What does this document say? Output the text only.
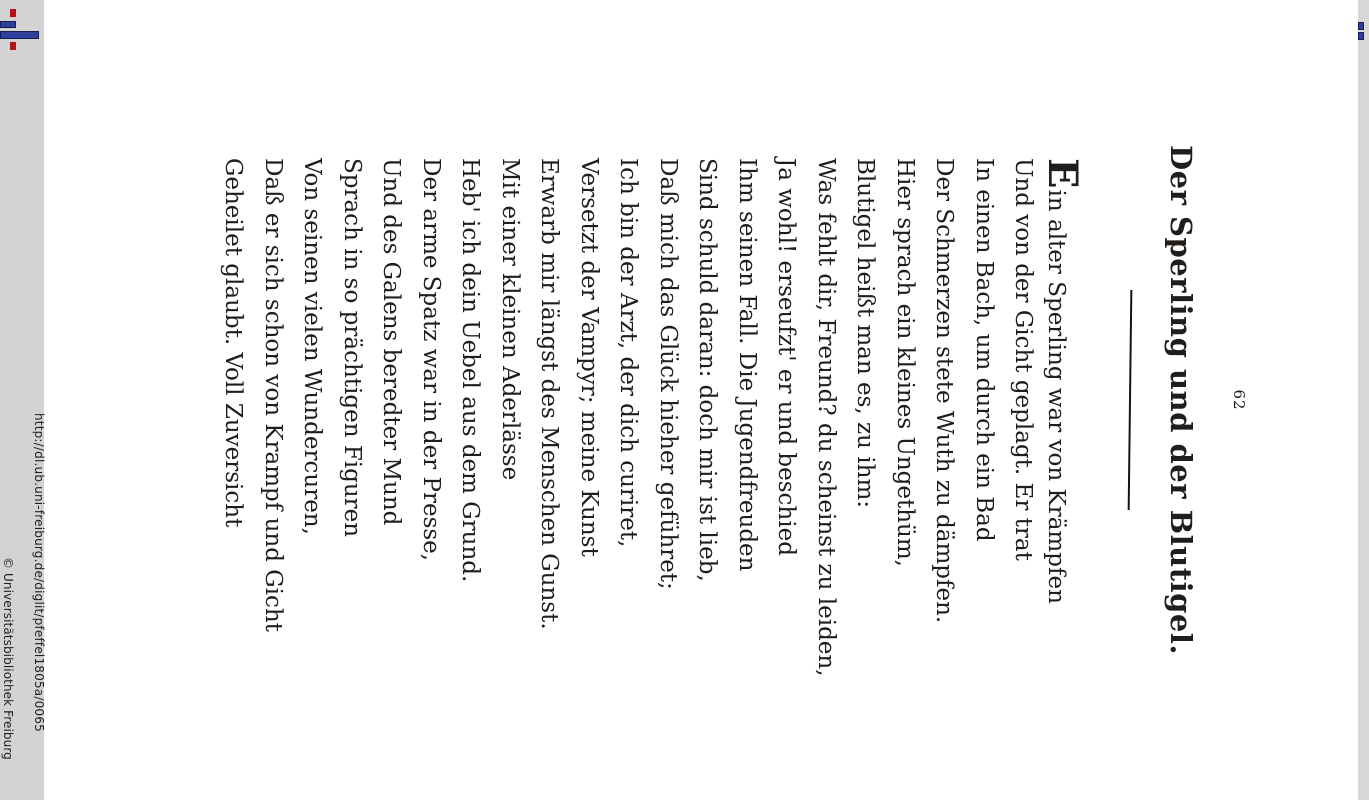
© Universitätsbibliothek Freiburg http://dl.ub.uni-freiburg.de/diglit/pfeffel1805a/0065
62
Der Sperling und der Blutigel.
Ein alter Sperling war von Krämpfen
Und von der Gicht geplagt. Er trat
In einen Bach, um durch ein Bad
Der Schmerzen stete Wuth zu dämpfen.
Hier sprach ein kleines Ungethüm,
Blutigel heißt man es, zu ihm:
Was fehlt dir, Freund? du scheinst zu leiden,
Ja wohl! erseufzt' er und beschied
Ihm seinen Fall. Die Jugendfreuden
Sind schuld daran: doch mir ist lieb,
Daß mich das Glück hieher geführet;
Ich bin der Arzt, der dich curiret,
Versetzt der Vampyr; meine Kunst
Erwarb mir längst des Menschen Gunst.
Mit einer kleinen Aderlässe
Heb' ich dein Uebel aus dem Grund.
Der arme Spatz war in der Presse,
Und des Galens beredter Mund
Sprach in so prächtigen Figuren
Von seinen vielen Wundercuren,
Daß er sich schon von Krampf und Gicht
Geheilet glaubt. Voll Zuversicht
